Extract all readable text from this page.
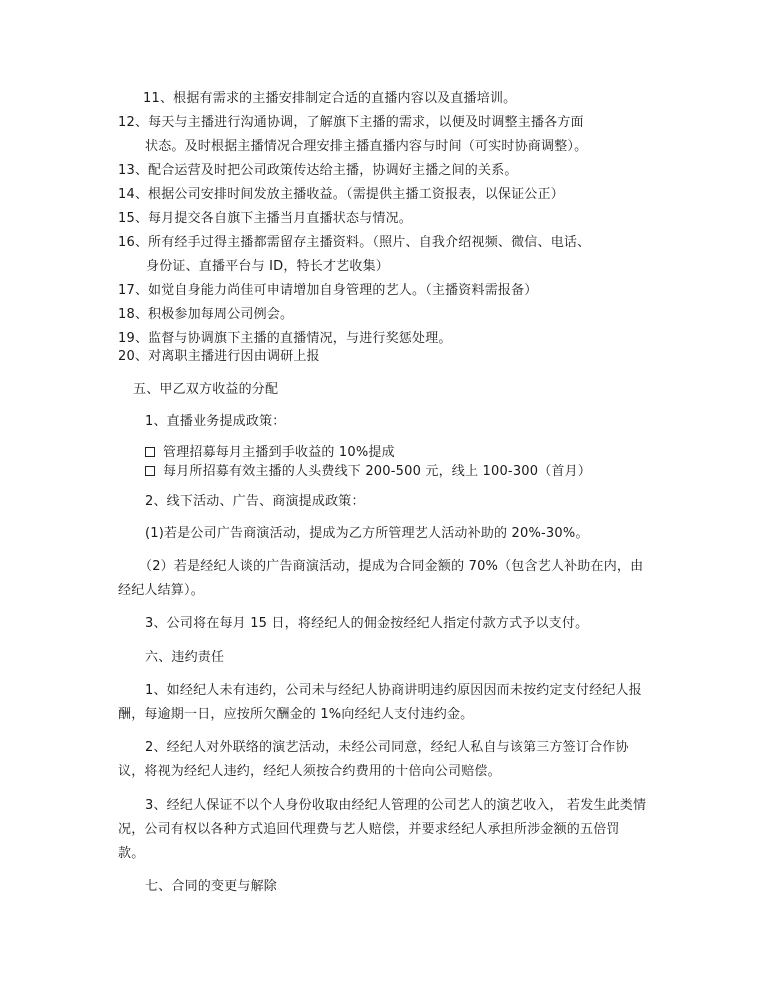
11、根据有需求的主播安排制定合适的直播内容以及直播培训。
12、每天与主播进行沟通协调，了解旗下主播的需求，以便及时调整主播各方面
状态。及时根据主播情况合理安排主播直播内容与时间（可实时协商调整）。
13、配合运营及时把公司政策传达给主播，协调好主播之间的关系。
14、根据公司安排时间发放主播收益。（需提供主播工资报表，以保证公正）
15、每月提交各自旗下主播当月直播状态与情况。
16、所有经手过得主播都需留存主播资料。（照片、自我介绍视频、微信、电话、
身份证、直播平台与 ID，特长才艺收集）
17、如觉自身能力尚佳可申请增加自身管理的艺人。（主播资料需报备）
18、积极参加每周公司例会。
19、监督与协调旗下主播的直播情况，与进行奖惩处理。
20、对离职主播进行因由调研上报
五、甲乙双方收益的分配
1、直播业务提成政策：
管理招募每月主播到手收益的 10%提成
每月所招募有效主播的人头费线下 200-500 元，线上 100-300（首月）
2、线下活动、广告、商演提成政策：
(1)若是公司广告商演活动，提成为乙方所管理艺人活动补助的 20%-30%。
（2）若是经纪人谈的广告商演活动，提成为合同金额的 70%（包含艺人补助在内，由
经纪人结算）。
3、公司将在每月 15 日，将经纪人的佣金按经纪人指定付款方式予以支付。
六、违约责任
1、如经纪人未有违约，公司未与经纪人协商讲明违约原因因而未按约定支付经纪人报
酬，每逾期一日，应按所欠酬金的 1%向经纪人支付违约金。
2、经纪人对外联络的演艺活动，未经公司同意，经纪人私自与该第三方签订合作协
议，将视为经纪人违约，经纪人须按合约费用的十倍向公司赔偿。
3、经纪人保证不以个人身份收取由经纪人管理的公司艺人的演艺收入， 若发生此类情
况，公司有权以各种方式追回代理费与艺人赔偿，并要求经纪人承担所涉金额的五倍罚
款。
七、合同的变更与解除
